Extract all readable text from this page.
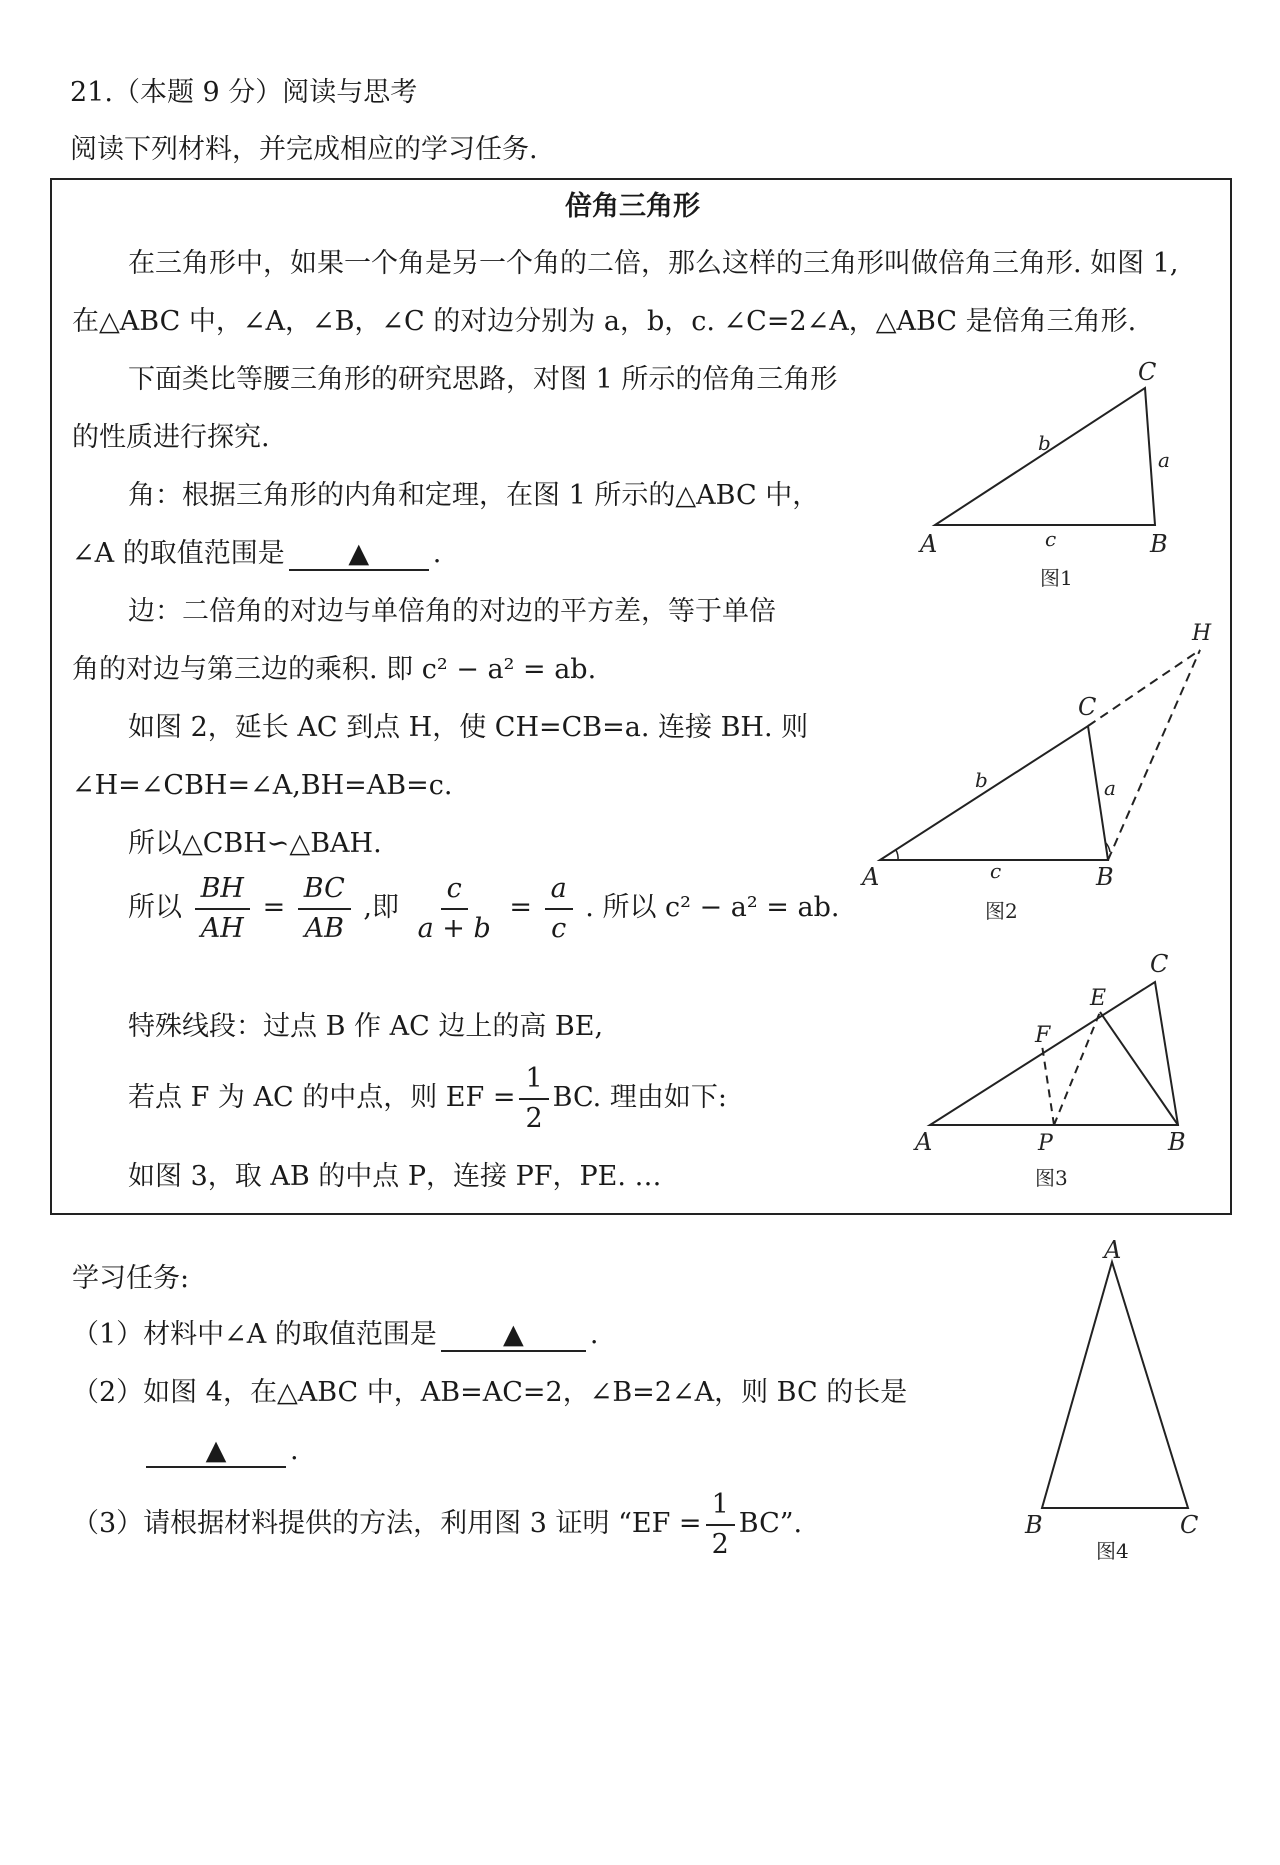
21.（本题 9 分）阅读与思考
阅读下列材料，并完成相应的学习任务.
倍角三角形
在三角形中，如果一个角是另一个角的二倍，那么这样的三角形叫做倍角三角形. 如图 1,
在△ABC 中，∠A，∠B，∠C 的对边分别为 a，b，c. ∠C=2∠A，△ABC 是倍角三角形.
下面类比等腰三角形的研究思路，对图 1 所示的倍角三角形
的性质进行探究.
角：根据三角形的内角和定理，在图 1 所示的△ABC 中，
∠A 的取值范围是 ▲ .
边：二倍角的对边与单倍角的对边的平方差，等于单倍
角的对边与第三边的乘积. 即 c² − a² = ab.
如图 2，延长 AC 到点 H，使 CH=CB=a. 连接 BH. 则
∠H=∠CBH=∠A,BH=AB=c.
所以△CBH∽△BAH.
所以 $\frac{BH}{AH} = \frac{BC}{AB}$ ,即 $\frac{c}{a + b} = \frac{a}{c}$ . 所以 c² − a² = ab.
特殊线段：过点 B 作 AC 边上的高 BE,
若点 F 为 AC 的中点，则 EF = $\frac{1}{2}$ BC. 理由如下:
如图 3，取 AB 的中点 P，连接 PF，PE. …
A	B
C
a
b
c
图1
A	B
C
H
a
b
c
图2
A	B
C
E
F
P
图3
学习任务:
（1）材料中∠A 的取值范围是 ▲ .
（2）如图 4，在△ABC 中，AB=AC=2，∠B=2∠A，则 BC 的长是
▲ .
（3）请根据材料提供的方法，利用图 3 证明 “EF = $\frac{1}{2}$ BC”.
A
B	C
图4
